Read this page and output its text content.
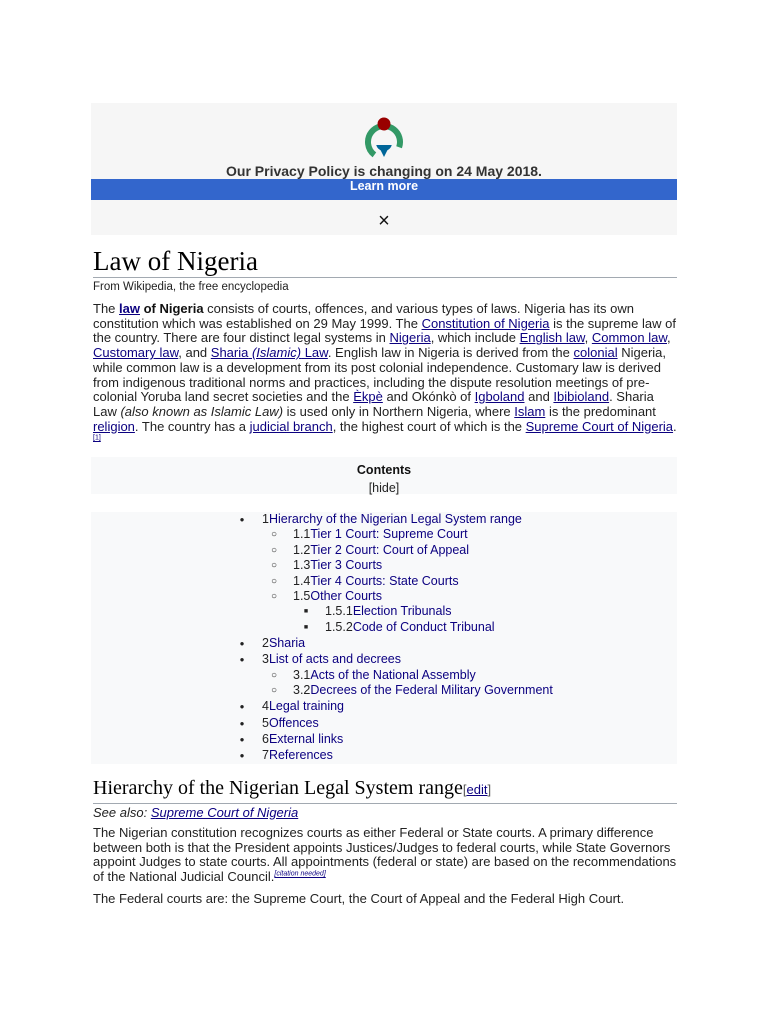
Our Privacy Policy is changing on 24 May 2018.
Learn more
×
Law of Nigeria
From Wikipedia, the free encyclopedia
The law of Nigeria consists of courts, offences, and various types of laws. Nigeria has its own constitution which was established on 29 May 1999. The Constitution of Nigeria is the supreme law of the country. There are four distinct legal systems in Nigeria, which include English law, Common law, Customary law, and Sharia (Islamic) Law. English law in Nigeria is derived from the colonial Nigeria, while common law is a development from its post colonial independence. Customary law is derived from indigenous traditional norms and practices, including the dispute resolution meetings of pre-colonial Yoruba land secret societies and the Èkpè and Okónkò of Igboland and Ibibioland. Sharia Law (also known as Islamic Law) is used only in Northern Nigeria, where Islam is the predominant religion. The country has a judicial branch, the highest court of which is the Supreme Court of Nigeria.[1]
Contents
[hide]
●	1Hierarchy of the Nigerian Legal System range
○	1.1Tier 1 Court: Supreme Court
○	1.2Tier 2 Court: Court of Appeal
○	1.3Tier 3 Courts
○	1.4Tier 4 Courts: State Courts
○	1.5Other Courts
■	1.5.1Election Tribunals
■	1.5.2Code of Conduct Tribunal
●	2Sharia
●	3List of acts and decrees
○	3.1Acts of the National Assembly
○	3.2Decrees of the Federal Military Government
●	4Legal training
●	5Offences
●	6External links
●	7References
Hierarchy of the Nigerian Legal System range[edit]
See also: Supreme Court of Nigeria
The Nigerian constitution recognizes courts as either Federal or State courts. A primary difference between both is that the President appoints Justices/Judges to federal courts, while State Governors appoint Judges to state courts. All appointments (federal or state) are based on the recommendations of the National Judicial Council.[citation needed]
The Federal courts are: the Supreme Court, the Court of Appeal and the Federal High Court.
